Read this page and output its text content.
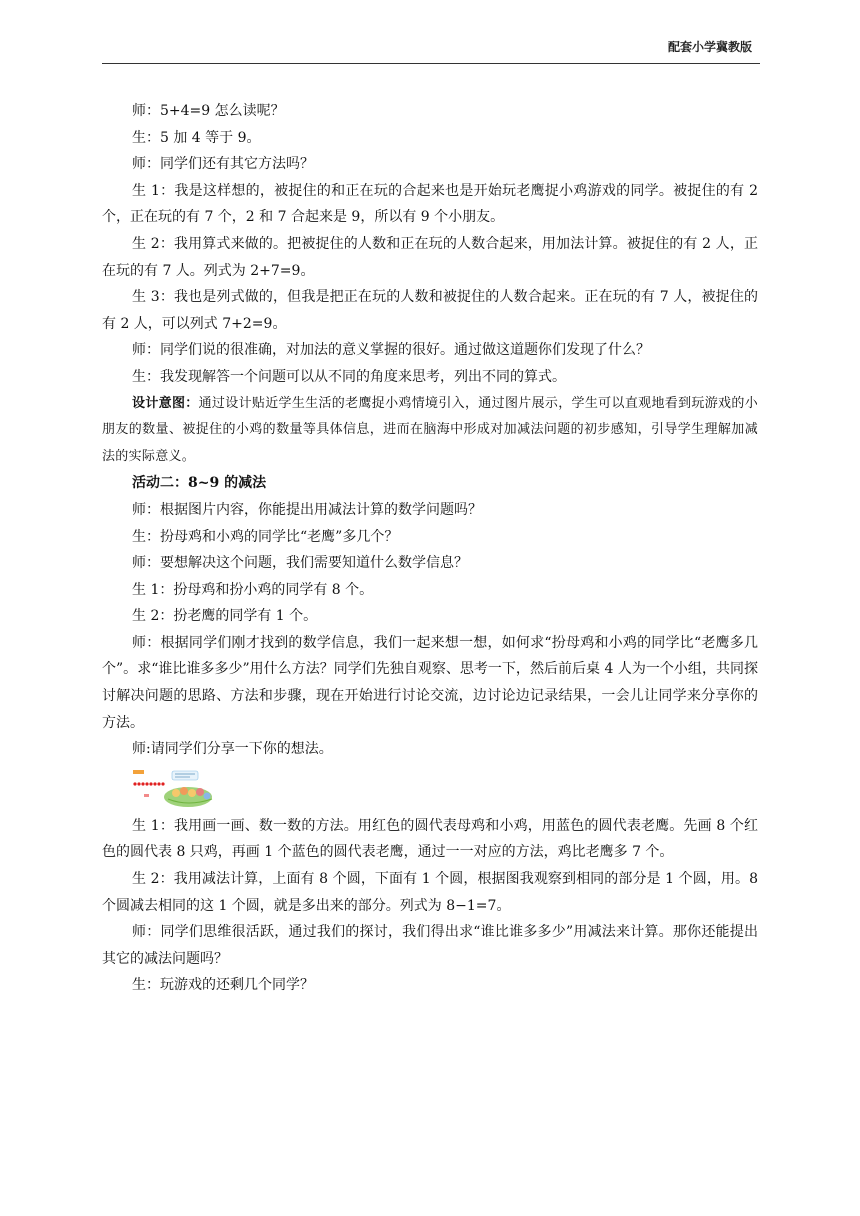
配套小学冀教版

师：5+4=9 怎么读呢？

生：5 加 4 等于 9。

师：同学们还有其它方法吗？

生 1：我是这样想的，被捉住的和正在玩的合起来也是开始玩老鹰捉小鸡游戏的同学。被捉住的有 2 个，正在玩的有 7 个，2 和 7 合起来是 9，所以有 9 个小朋友。

生 2：我用算式来做的。把被捉住的人数和正在玩的人数合起来，用加法计算。被捉住的有 2 人，正在玩的有 7 人。列式为 2+7=9。

生 3：我也是列式做的，但我是把正在玩的人数和被捉住的人数合起来。正在玩的有 7 人，被捉住的有 2 人，可以列式 7+2=9。

师：同学们说的很准确，对加法的意义掌握的很好。通过做这道题你们发现了什么？

生：我发现解答一个问题可以从不同的角度来思考，列出不同的算式。

设计意图：通过设计贴近学生生活的老鹰捉小鸡情境引入，通过图片展示，学生可以直观地看到玩游戏的小朋友的数量、被捉住的小鸡的数量等具体信息，进而在脑海中形成对加减法问题的初步感知，引导学生理解加减法的实际意义。

活动二：8~9 的减法

师：根据图片内容，你能提出用减法计算的数学问题吗？

生：扮母鸡和小鸡的同学比“老鹰”多几个？

师：要想解决这个问题，我们需要知道什么数学信息？

生 1：扮母鸡和扮小鸡的同学有 8 个。

生 2：扮老鹰的同学有 1 个。

师：根据同学们刚才找到的数学信息，我们一起来想一想，如何求“扮母鸡和小鸡的同学比“老鹰多几个”。求“谁比谁多多少”用什么方法？同学们先独自观察、思考一下，然后前后桌 4 人为一个小组，共同探讨解决问题的思路、方法和步骤，现在开始进行讨论交流，边讨论边记录结果，一会儿让同学来分享你的方法。

师:请同学们分享一下你的想法。

生 1：我用画一画、数一数的方法。用红色的圆代表母鸡和小鸡，用蓝色的圆代表老鹰。先画 8 个红色的圆代表 8 只鸡，再画 1 个蓝色的圆代表老鹰，通过一一对应的方法，鸡比老鹰多 7 个。

生 2：我用减法计算，上面有 8 个圆，下面有 1 个圆，根据图我观察到相同的部分是 1 个圆，用。8 个圆减去相同的这 1 个圆，就是多出来的部分。列式为 8−1=7。

师：同学们思维很活跃，通过我们的探讨，我们得出求“谁比谁多多少”用减法来计算。那你还能提出其它的减法问题吗？

生：玩游戏的还剩几个同学？
